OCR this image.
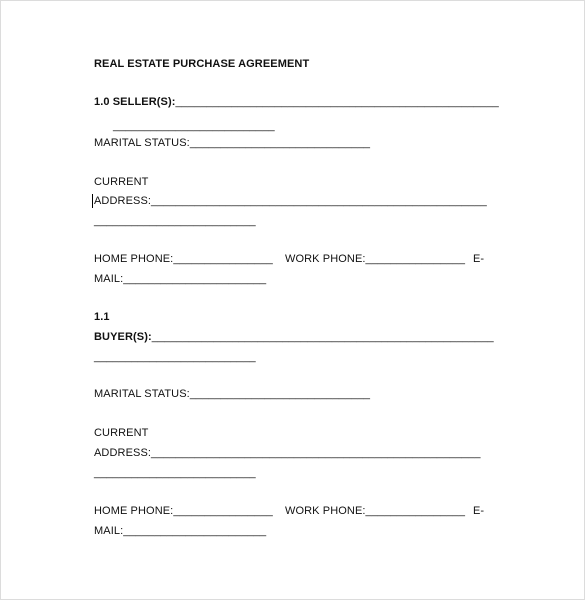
REAL ESTATE PURCHASE AGREEMENT
1.0 SELLER(S):____________________________________________________
__________________________
MARITAL STATUS:_____________________________
CURRENT
ADDRESS:______________________________________________________
__________________________
HOME PHONE:________________ WORK PHONE:________________ E-
MAIL:_______________________
1.1
BUYER(S):_______________________________________________________
__________________________
MARITAL STATUS:_____________________________
CURRENT
ADDRESS:_____________________________________________________
__________________________
HOME PHONE:________________ WORK PHONE:________________ E-
MAIL:_______________________
